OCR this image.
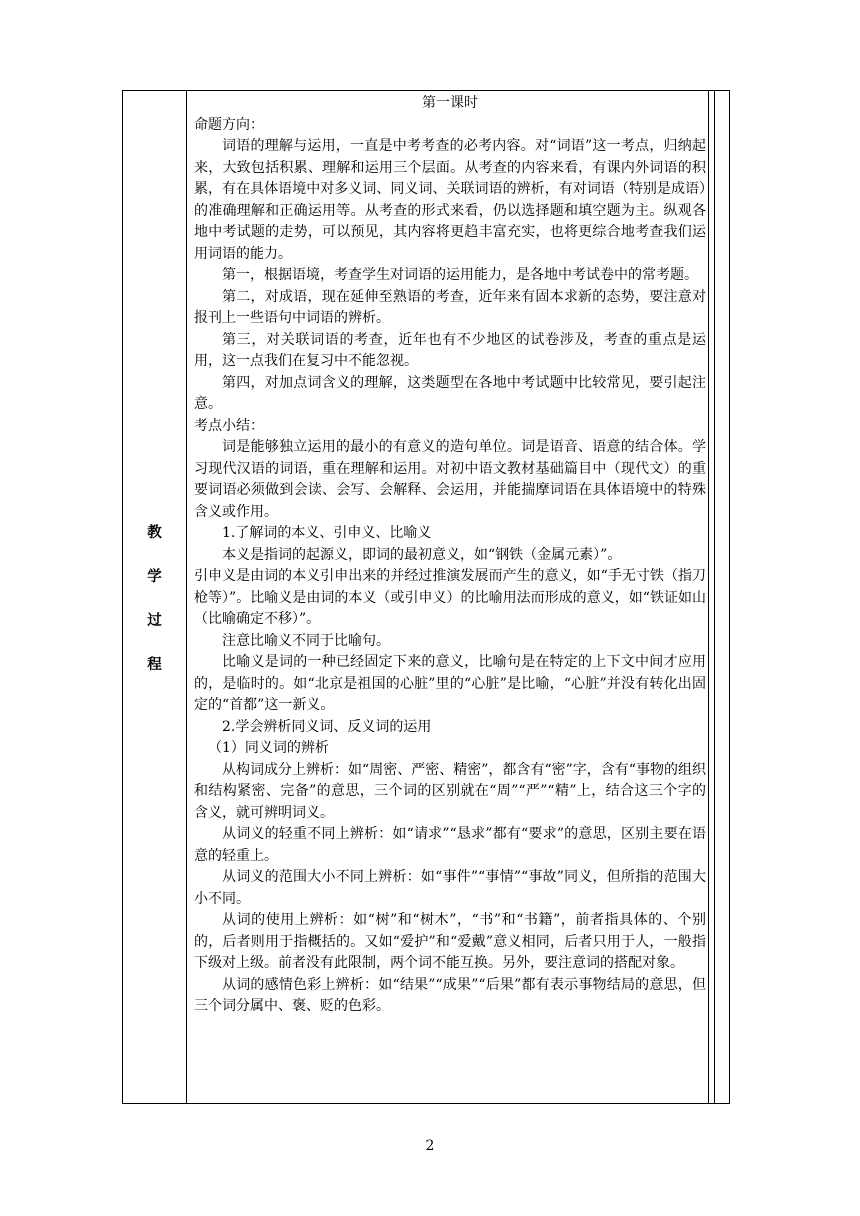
教
学
过
程

第一课时

命题方向：

词语的理解与运用，一直是中考考查的必考内容。对“词语”这一考点，归纳起来，大致包括积累、理解和运用三个层面。从考查的内容来看，有课内外词语的积累，有在具体语境中对多义词、同义词、关联词语的辨析，有对词语（特别是成语）的准确理解和正确运用等。从考查的形式来看，仍以选择题和填空题为主。纵观各地中考试题的走势，可以预见，其内容将更趋丰富充实，也将更综合地考查我们运用词语的能力。

第一，根据语境，考查学生对词语的运用能力，是各地中考试卷中的常考题。

第二，对成语，现在延伸至熟语的考查，近年来有固本求新的态势，要注意对报刊上一些语句中词语的辨析。

第三，对关联词语的考查，近年也有不少地区的试卷涉及，考查的重点是运用，这一点我们在复习中不能忽视。

第四，对加点词含义的理解，这类题型在各地中考试题中比较常见，要引起注意。

考点小结：

词是能够独立运用的最小的有意义的造句单位。词是语音、语意的结合体。学习现代汉语的词语，重在理解和运用。对初中语文教材基础篇目中（现代文）的重要词语必须做到会读、会写、会解释、会运用，并能揣摩词语在具体语境中的特殊含义或作用。

1.了解词的本义、引申义、比喻义

本义是指词的起源义，即词的最初意义，如“钢铁（金属元素）”。

引申义是由词的本义引申出来的并经过推演发展而产生的意义，如“手无寸铁（指刀枪等）”。比喻义是由词的本义（或引申义）的比喻用法而形成的意义，如“铁证如山（比喻确定不移）”。

注意比喻义不同于比喻句。

比喻义是词的一种已经固定下来的意义，比喻句是在特定的上下文中间才应用的，是临时的。如“北京是祖国的心脏”里的“心脏”是比喻，“心脏”并没有转化出固定的“首都”这一新义。

2.学会辨析同义词、反义词的运用

（1）同义词的辨析

从构词成分上辨析：如“周密、严密、精密”，都含有“密”字，含有“事物的组织和结构紧密、完备”的意思，三个词的区别就在“周”“严”“精”上，结合这三个字的含义，就可辨明词义。

从词义的轻重不同上辨析：如“请求”“恳求”都有“要求”的意思，区别主要在语意的轻重上。

从词义的范围大小不同上辨析：如“事件”“事情”“事故”同义，但所指的范围大小不同。

从词的使用上辨析：如“树”和“树木”，“书”和“书籍”，前者指具体的、个别的，后者则用于指概括的。又如“爱护”和“爱戴”意义相同，后者只用于人，一般指下级对上级。前者没有此限制，两个词不能互换。另外，要注意词的搭配对象。

从词的感情色彩上辨析：如“结果”“成果”“后果”都有表示事物结局的意思，但三个词分属中、褒、贬的色彩。

2
